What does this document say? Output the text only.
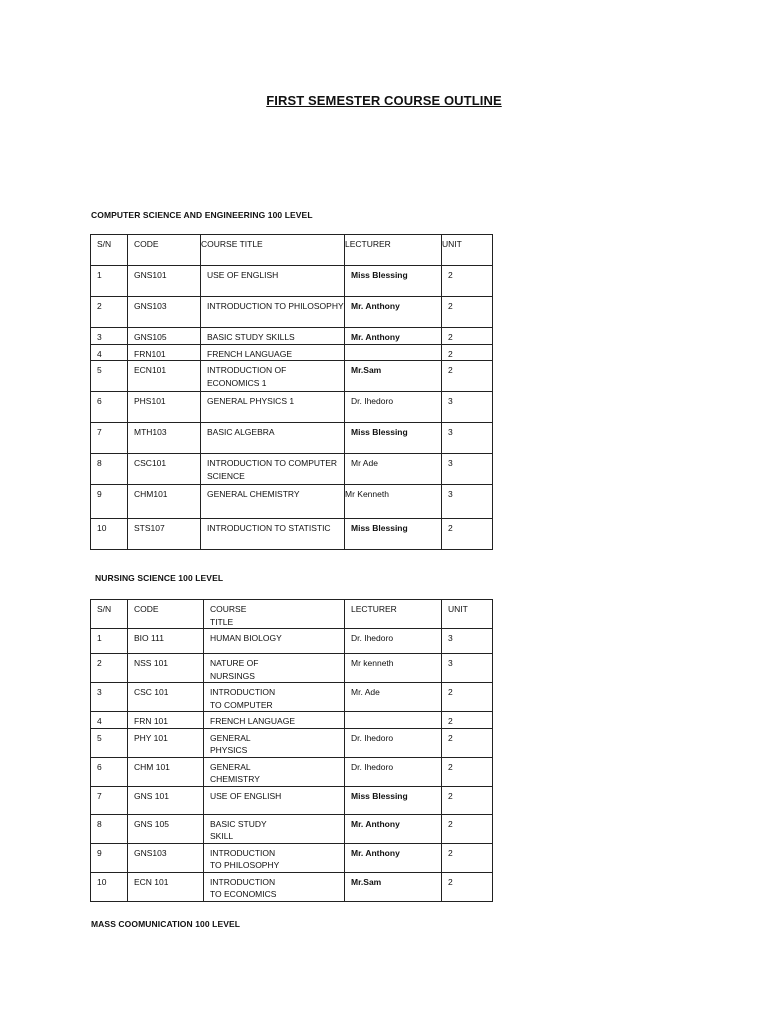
FIRST SEMESTER COURSE OUTLINE
COMPUTER SCIENCE AND ENGINEERING 100 LEVEL
S/N	CODE	COURSE TITLE	LECTURER	UNIT
1	GNS101	USE OF ENGLISH	Miss Blessing	2
2	GNS103	INTRODUCTION TO PHILOSOPHY	Mr. Anthony	2
3	GNS105	BASIC STUDY SKILLS	Mr. Anthony	2
4	FRN101	FRENCH LANGUAGE		2
5	ECN101	INTRODUCTION OF ECONOMICS 1	Mr.Sam	2
6	PHS101	GENERAL PHYSICS 1	Dr. Ihedoro	3
7	MTH103	BASIC ALGEBRA	Miss Blessing	3
8	CSC101	INTRODUCTION TO COMPUTER SCIENCE	Mr Ade	3
9	CHM101	GENERAL CHEMISTRY	Mr Kenneth	3
10	STS107	INTRODUCTION TO STATISTIC	Miss Blessing	2
NURSING SCIENCE 100 LEVEL
S/N	CODE	COURSE TITLE	LECTURER	UNIT
1	BIO 111	HUMAN BIOLOGY	Dr. Ihedoro	3
2	NSS 101	NATURE OF NURSINGS	Mr kenneth	3
3	CSC 101	INTRODUCTION TO COMPUTER	Mr. Ade	2
4	FRN 101	FRENCH LANGUAGE		2
5	PHY 101	GENERAL PHYSICS	Dr. Ihedoro	2
6	CHM 101	GENERAL CHEMISTRY	Dr. Ihedoro	2
7	GNS 101	USE OF ENGLISH	Miss Blessing	2
8	GNS 105	BASIC STUDY SKILL	Mr. Anthony	2
9	GNS103	INTRODUCTION TO PHILOSOPHY	Mr. Anthony	2
10	ECN 101	INTRODUCTION TO ECONOMICS	Mr.Sam	2
MASS COOMUNICATION 100 LEVEL
